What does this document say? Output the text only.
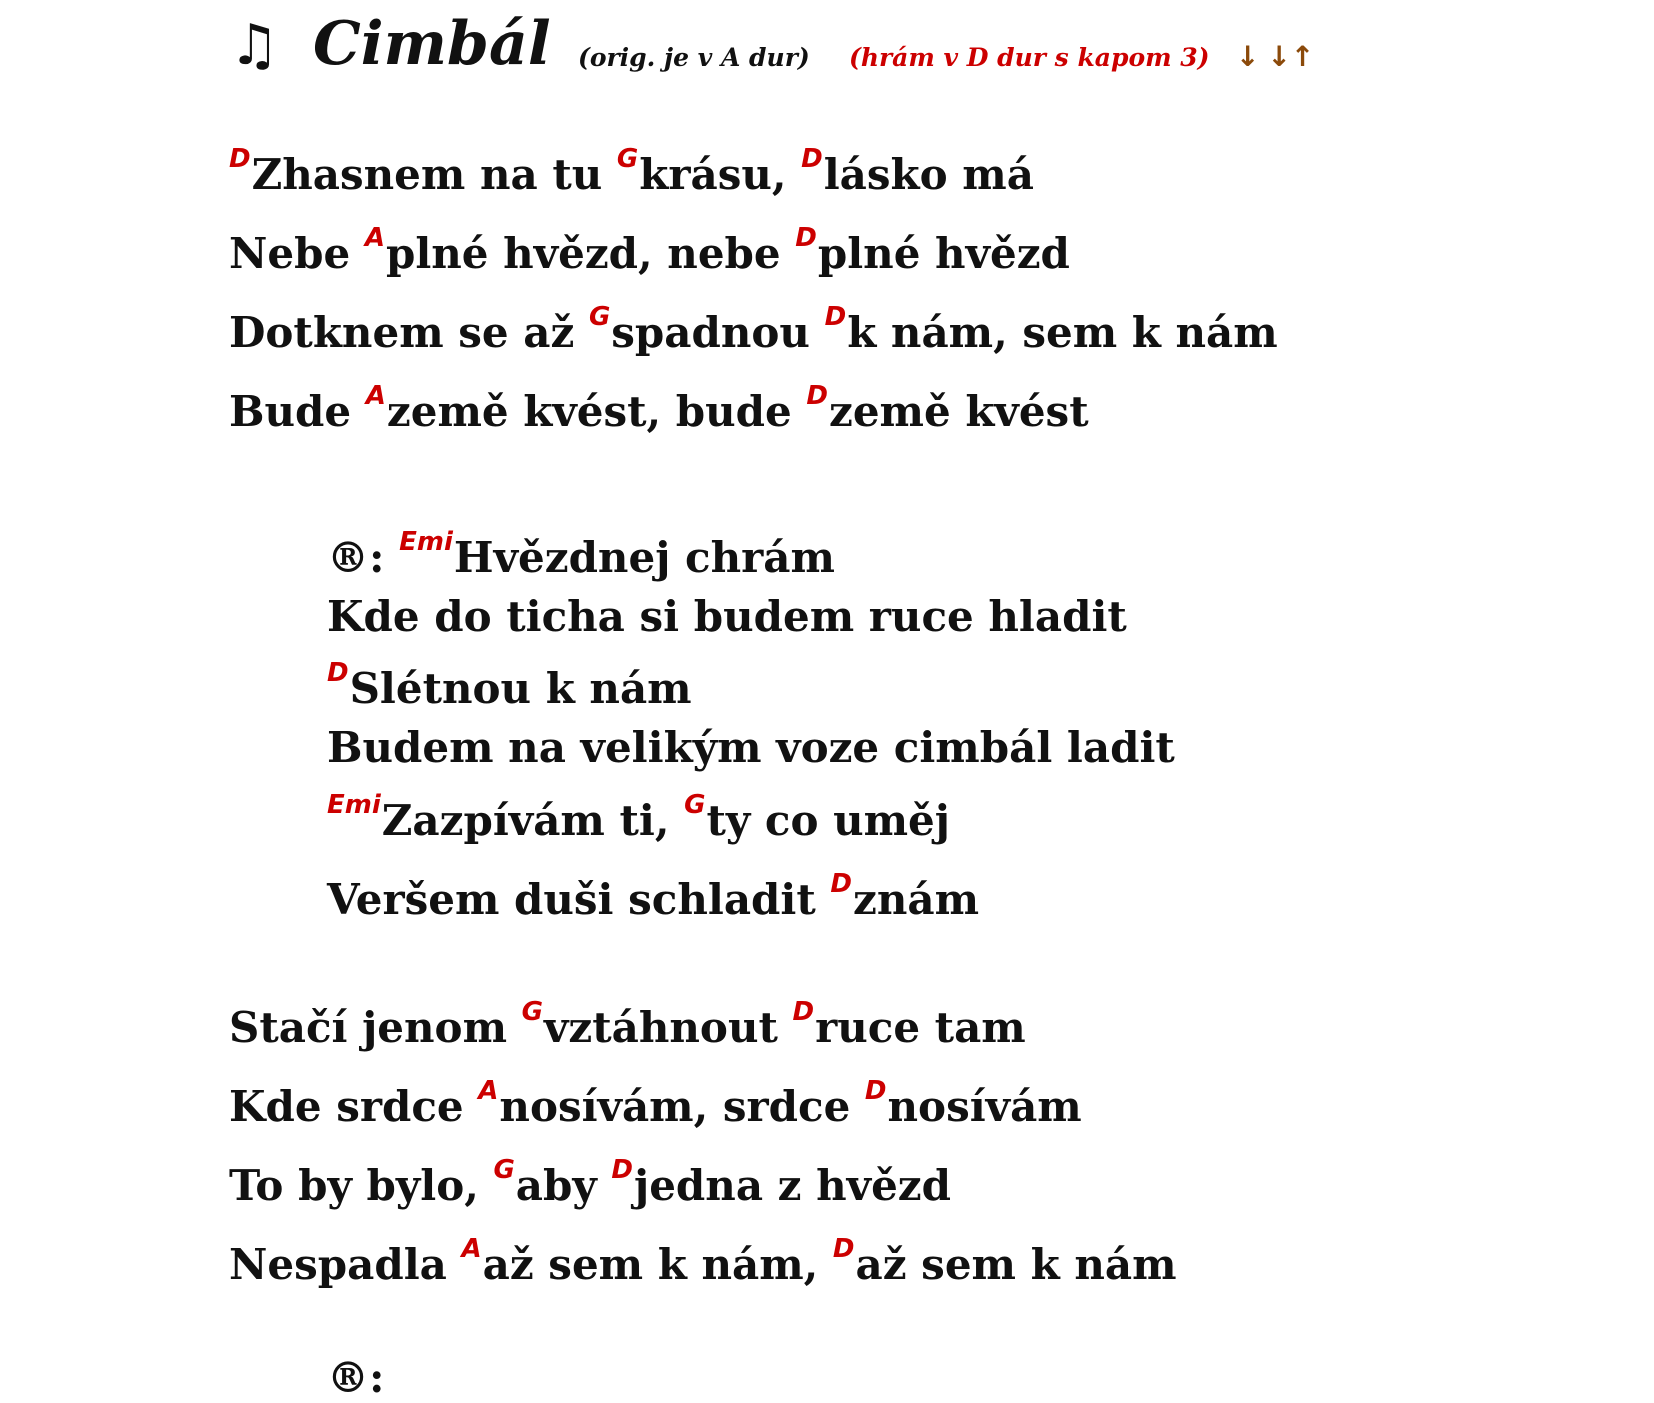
♫ Cimbál (orig. je v A dur) (hrám v D dur s kapom 3) ↓ ↓↑
$^D$Zhasnem na tu $^G$krásu, $^D$lásko má
Nebe $^A$plné hvězd, nebe $^D$plné hvězd
Dotknem se až $^G$spadnou $^D$k nám, sem k nám
Bude $^A$země kvést, bude $^D$země kvést
®: $^{Emi}$Hvězdnej chrám
Kde do ticha si budem ruce hladit
$^D$Slétnou k nám
Budem na velikým voze cimbál ladit
$^{Emi}$Zazpívám ti, $^G$ty co uměj
Veršem duši schladit $^D$znám
Stačí jenom $^G$vztáhnout $^D$ruce tam
Kde srdce $^A$nosívám, srdce $^D$nosívám
To by bylo, $^G$aby $^D$jedna z hvězd
Nespadla $^A$až sem k nám, $^D$až sem k nám
®:
